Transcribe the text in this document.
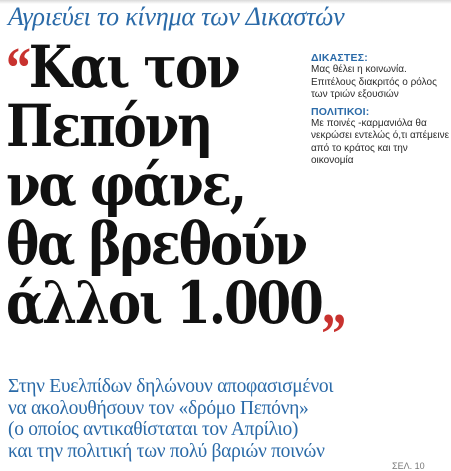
Αγριεύει το κίνημα των Δικαστών
“Και τον
Πεπόνη
να φάνε,
θα βρεθούν
άλλοι 1.000„
ΔΙΚΑΣΤΕΣ:
Μας θέλει η κοινωνία. Επιτέλους διακριτός ο ρόλος των τριών εξουσιών
ΠΟΛΙΤΙΚΟΙ:
Με ποινές -καρμανιόλα θα νεκρώσει εντελώς ό,τι απέμεινε από το κράτος και την οικονομία
Στην Ευελπίδων δηλώνουν αποφασισμένοι
να ακολουθήσουν τον «δρόμο Πεπόνη»
(ο οποίος αντικαθίσταται τον Απρίλιο)
και την πολιτική των πολύ βαριών ποινών
ΣΕΛ. 10
